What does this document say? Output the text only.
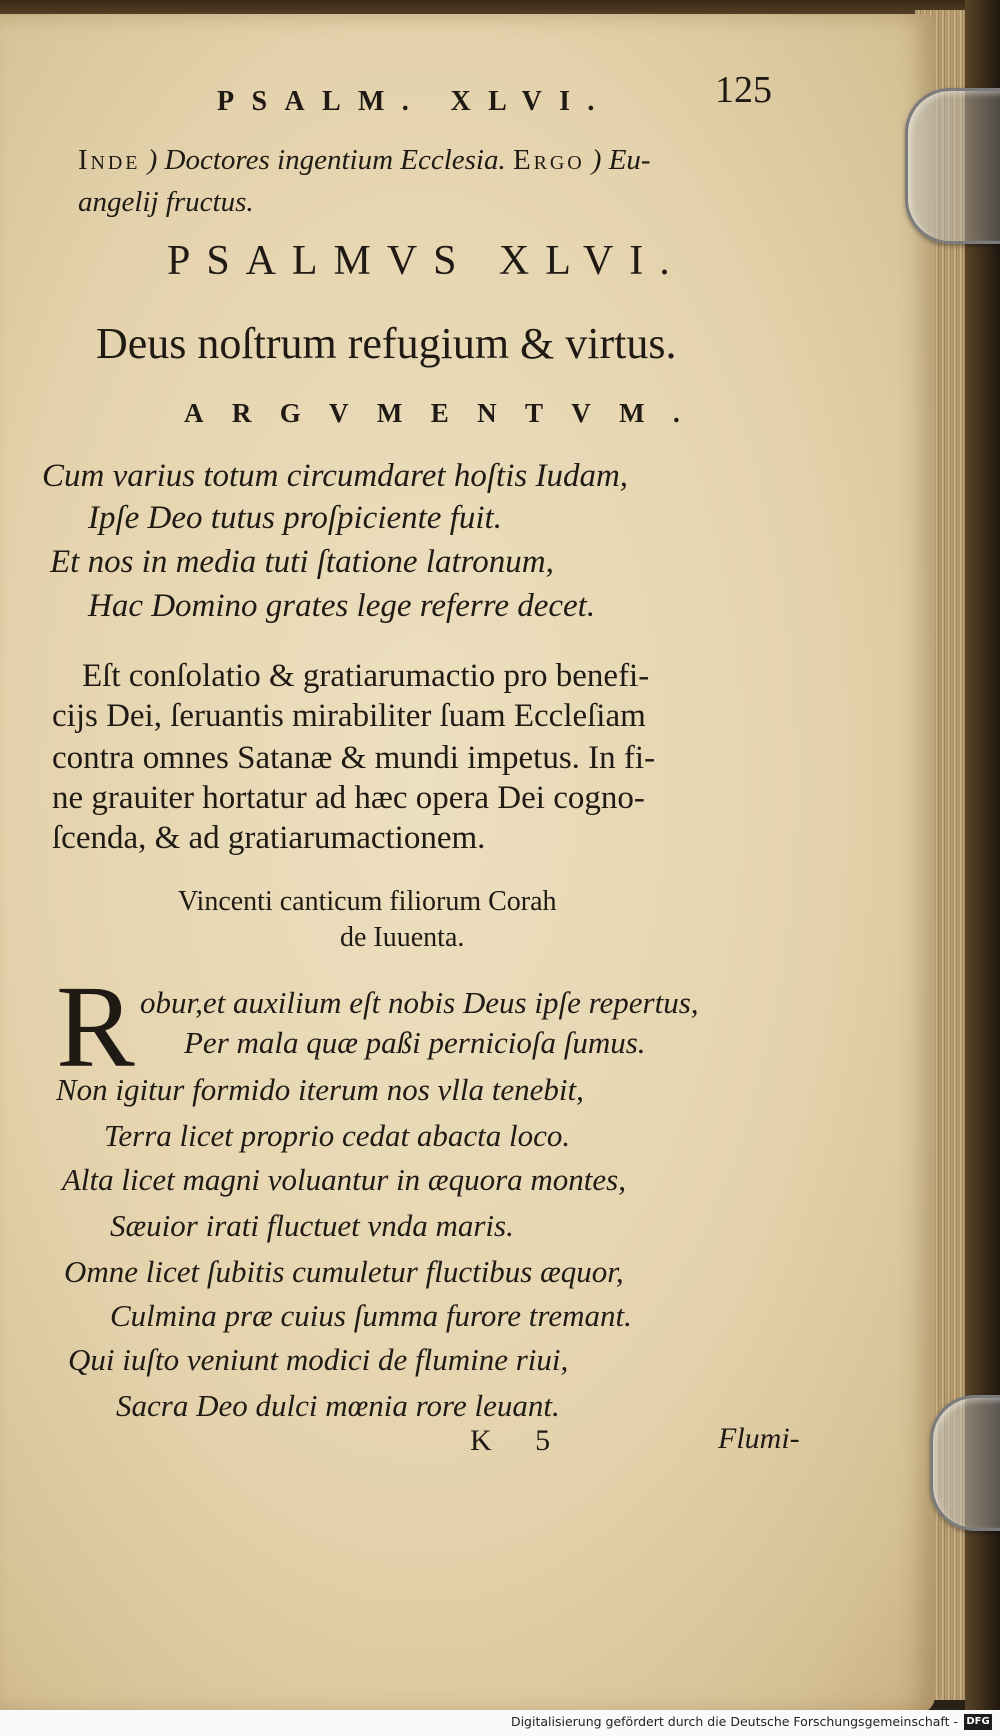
PSALM. XLVI.	125
Inde ) Doctores ingentium Ecclesia. Ergo ) Eu-
angelij fructus.
PSALMVS XLVI.
Deus noſtrum refugium & virtus.
ARGVMENTVM.
Cum varius totum circumdaret hoſtis Iudam,
Ipſe Deo tutus proſpiciente fuit.
Et nos in media tuti ſtatione latronum,
Hac Domino grates lege referre decet.
Eſt conſolatio & gratiarumactio pro benefi-
cijs Dei, ſeruantis mirabiliter ſuam Eccleſiam
contra omnes Satanæ & mundi impetus. In fi-
ne grauiter hortatur ad hæc opera Dei cogno-
ſcenda, & ad gratiarumactionem.
Vincenti canticum filiorum Corah
de Iuuenta.
R obur,et auxilium eſt nobis Deus ipſe repertus,
Per mala quæ paßi pernicioſa ſumus.
Non igitur formido iterum nos vlla tenebit,
Terra licet proprio cedat abacta loco.
Alta licet magni voluantur in æquora montes,
Sæuior irati fluctuet vnda maris.
Omne licet ſubitis cumuletur fluctibus æquor,
Culmina præ cuius ſumma furore tremant.
Qui iuſto veniunt modici de flumine riui,
Sacra Deo dulci mœnia rore leuant.
K 5	Flumi-
Digitalisierung gefördert durch die Deutsche Forschungsgemeinschaft - DFG
